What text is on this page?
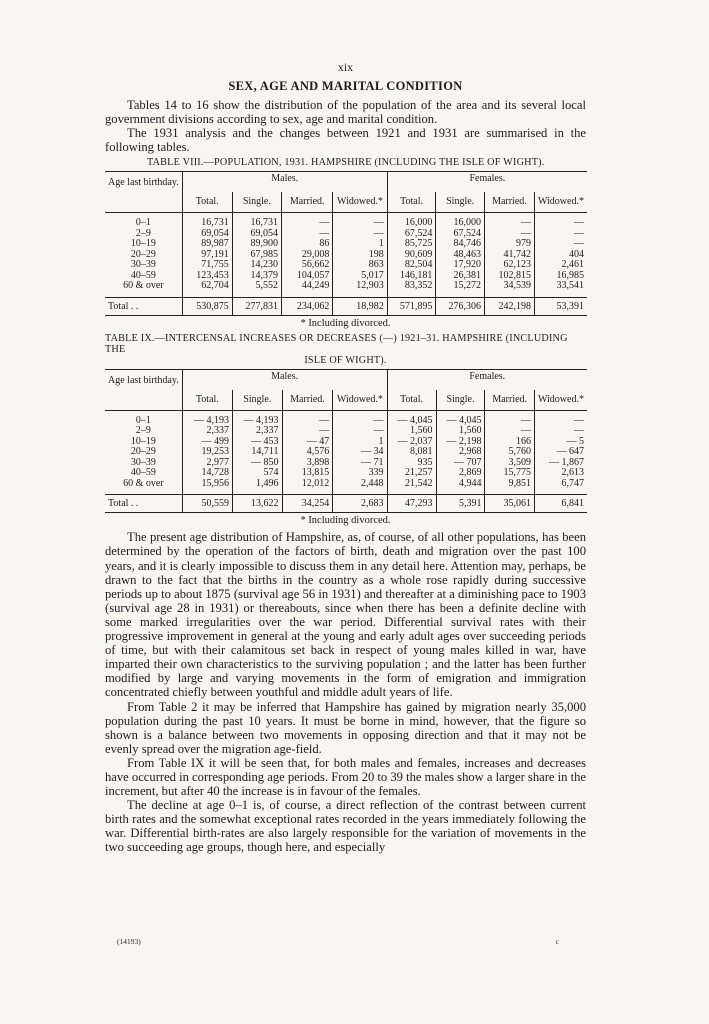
xix
SEX, AGE AND MARITAL CONDITION

Tables 14 to 16 show the distribution of the population of the area and its several local government divisions according to sex, age and marital condition.

The 1931 analysis and the changes between 1921 and 1931 are summarised in the following tables.

TABLE VIII.—POPULATION, 1931. HAMPSHIRE (INCLUDING THE ISLE OF WIGHT).
Age last birthday.	Males.				Females.			
	Total.	Single.	Married.	Widowed.*	Total.	Single.	Married.	Widowed.*

0–1	16,731	16,731	—	—	16,000	16,000	—	—
2–9	69,054	69,054	—	—	67,524	67,524	—	—
10–19	89,987	89,900	86	1	85,725	84,746	979	—
20–29	97,191	67,985	29,008	198	90,609	48,463	41,742	404
30–39	71,755	14,230	56,662	863	82,504	17,920	62,123	2,461
40–59	123,453	14,379	104,057	5,017	146,181	26,381	102,815	16,985
60 & over	62,704	5,552	44,249	12,903	83,352	15,272	34,539	33,541

Total . .	530,875	277,831	234,062	18,982	571,895	276,306	242,198	53,391
* Including divorced.
TABLE IX.—INTERCENSAL INCREASES OR DECREASES (—) 1921–31. HAMPSHIRE (INCLUDING THE
ISLE OF WIGHT).
Age last birthday.	Males.				Females.			
	Total.	Single.	Married.	Widowed.*	Total.	Single.	Married.	Widowed.*

0–1	— 4,193	— 4,193	—	—	— 4,045	— 4,045	—	—
2–9	2,337	2,337	—	—	1,560	1,560	—	—
10–19	— 499	— 453	— 47	1	— 2,037	— 2,198	166	— 5
20–29	19,253	14,711	4,576	— 34	8,081	2,968	5,760	— 647
30–39	2,977	— 850	3,898	— 71	935	— 707	3,509	— 1,867
40–59	14,728	574	13,815	339	21,257	2,869	15,775	2,613
60 & over	15,956	1,496	12,012	2,448	21,542	4,944	9,851	6,747

Total . .	50,559	13,622	34,254	2,683	47,293	5,391	35,061	6,841
* Including divorced.

The present age distribution of Hampshire, as, of course, of all other populations, has been determined by the operation of the factors of birth, death and migration over the past 100 years, and it is clearly impossible to discuss them in any detail here. Attention may, perhaps, be drawn to the fact that the births in the country as a whole rose rapidly during successive periods up to about 1875 (survival age 56 in 1931) and thereafter at a diminishing pace to 1903 (survival age 28 in 1931) or thereabouts, since when there has been a definite decline with some marked irregularities over the war period. Differential survival rates with their progressive improvement in general at the young and early adult ages over succeeding periods of time, but with their calamitous set back in respect of young males killed in war, have imparted their own characteristics to the surviving population ; and the latter has been further modified by large and varying movements in the form of emigration and immigration concentrated chiefly between youthful and middle adult years of life.

From Table 2 it may be inferred that Hampshire has gained by migration nearly 35,000 population during the past 10 years. It must be borne in mind, however, that the figure so shown is a balance between two movements in opposing direction and that it may not be evenly spread over the migration age-field.

From Table IX it will be seen that, for both males and females, increases and decreases have occurred in corresponding age periods. From 20 to 39 the males show a larger share in the increment, but after 40 the increase is in favour of the females.

The decline at age 0–1 is, of course, a direct reflection of the contrast between current birth rates and the somewhat exceptional rates recorded in the years immediately following the war. Differential birth-rates are also largely responsible for the variation of movements in the two succeeding age groups, though here, and especially

(14193)	c
